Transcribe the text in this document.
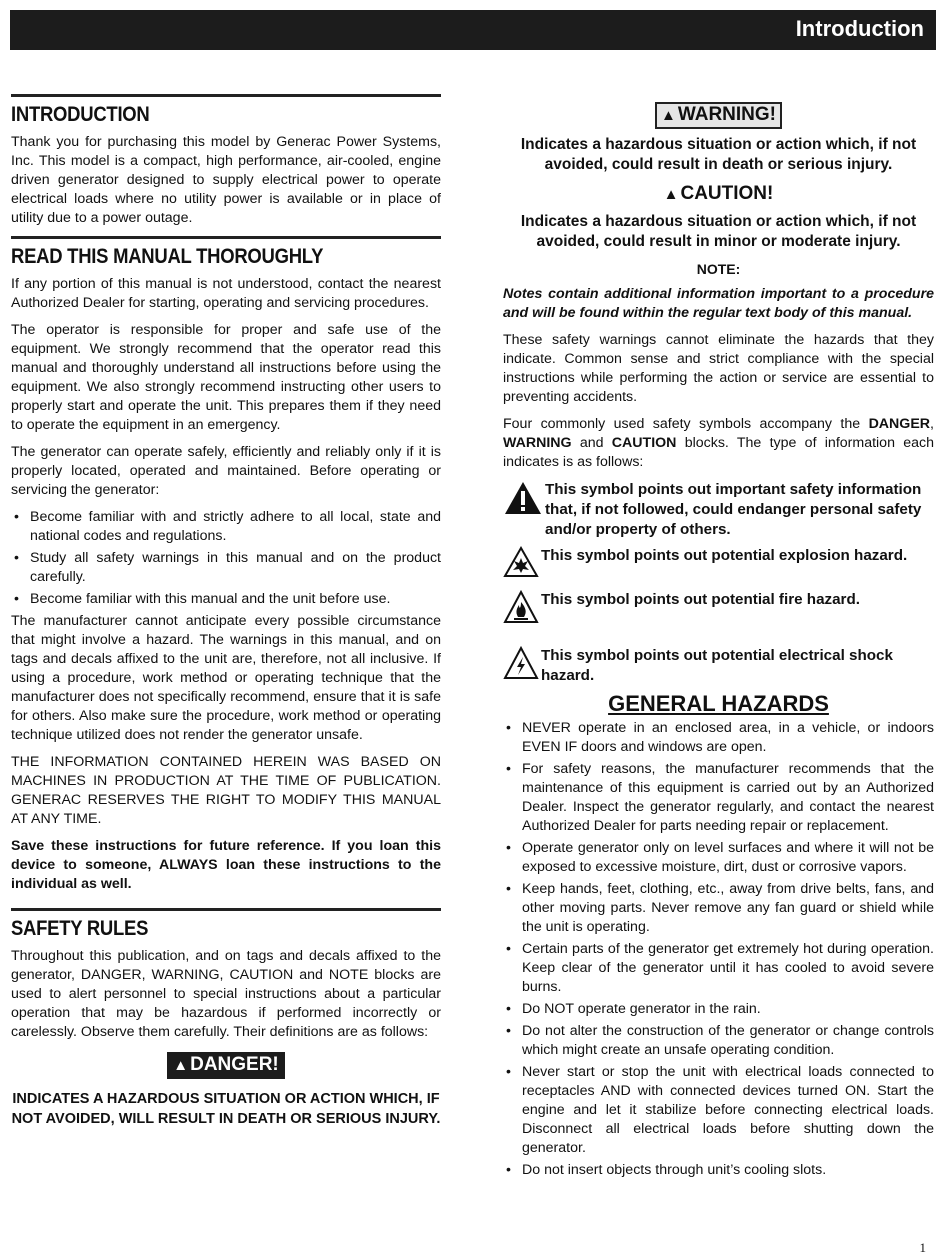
Introduction
INTRODUCTION

Thank you for purchasing this model by Generac Power Systems, Inc. This model is a compact, high performance, air-cooled, engine driven generator designed to supply electrical power to operate electrical loads where no utility power is available or in place of utility due to a power outage.

READ THIS MANUAL THOROUGHLY

If any portion of this manual is not understood, contact the nearest Authorized Dealer for starting, operating and servicing procedures.

The operator is responsible for proper and safe use of the equipment. We strongly recommend that the operator read this manual and thoroughly understand all instructions before using the equipment. We also strongly recommend instructing other users to properly start and operate the unit. This prepares them if they need to operate the equipment in an emergency.

The generator can operate safely, efficiently and reliably only if it is properly located, operated and maintained. Before operating or servicing the generator:

• Become familiar with and strictly adhere to all local, state and national codes and regulations.
• Study all safety warnings in this manual and on the product carefully.
• Become familiar with this manual and the unit before use.

The manufacturer cannot anticipate every possible circumstance that might involve a hazard. The warnings in this manual, and on tags and decals affixed to the unit are, therefore, not all inclusive. If using a procedure, work method or operating technique that the manufacturer does not specifically recommend, ensure that it is safe for others. Also make sure the procedure, work method or operating technique utilized does not render the generator unsafe.

THE INFORMATION CONTAINED HEREIN WAS BASED ON MACHINES IN PRODUCTION AT THE TIME OF PUBLICATION. GENERAC RESERVES THE RIGHT TO MODIFY THIS MANUAL AT ANY TIME.

Save these instructions for future reference. If you loan this device to someone, ALWAYS loan these instructions to the individual as well.

SAFETY RULES

Throughout this publication, and on tags and decals affixed to the generator, DANGER, WARNING, CAUTION and NOTE blocks are used to alert personnel to special instructions about a particular operation that may be hazardous if performed incorrectly or carelessly. Observe them carefully. Their definitions are as follows:

▲ DANGER!
INDICATES A HAZARDOUS SITUATION OR ACTION WHICH, IF NOT AVOIDED, WILL RESULT IN DEATH OR SERIOUS INJURY.
▲ WARNING!
Indicates a hazardous situation or action which, if not avoided, could result in death or serious injury.
▲ CAUTION!
Indicates a hazardous situation or action which, if not avoided, could result in minor or moderate injury.
NOTE:

Notes contain additional information important to a procedure and will be found within the regular text body of this manual.

These safety warnings cannot eliminate the hazards that they indicate. Common sense and strict compliance with the special instructions while performing the action or service are essential to preventing accidents.

Four commonly used safety symbols accompany the DANGER, WARNING and CAUTION blocks. The type of information each indicates is as follows:

This symbol points out important safety information that, if not followed, could endanger personal safety and/or property of others.
This symbol points out potential explosion hazard.
This symbol points out potential fire hazard.
This symbol points out potential electrical shock hazard.
GENERAL HAZARDS
• NEVER operate in an enclosed area, in a vehicle, or indoors EVEN IF doors and windows are open.
• For safety reasons, the manufacturer recommends that the maintenance of this equipment is carried out by an Authorized Dealer. Inspect the generator regularly, and contact the nearest Authorized Dealer for parts needing repair or replacement.
• Operate generator only on level surfaces and where it will not be exposed to excessive moisture, dirt, dust or corrosive vapors.
• Keep hands, feet, clothing, etc., away from drive belts, fans, and other moving parts. Never remove any fan guard or shield while the unit is operating.
• Certain parts of the generator get extremely hot during operation. Keep clear of the generator until it has cooled to avoid severe burns.
• Do NOT operate generator in the rain.
• Do not alter the construction of the generator or change controls which might create an unsafe operating condition.
• Never start or stop the unit with electrical loads connected to receptacles AND with connected devices turned ON. Start the engine and let it stabilize before connecting electrical loads. Disconnect all electrical loads before shutting down the generator.
• Do not insert objects through unit’s cooling slots.
1
